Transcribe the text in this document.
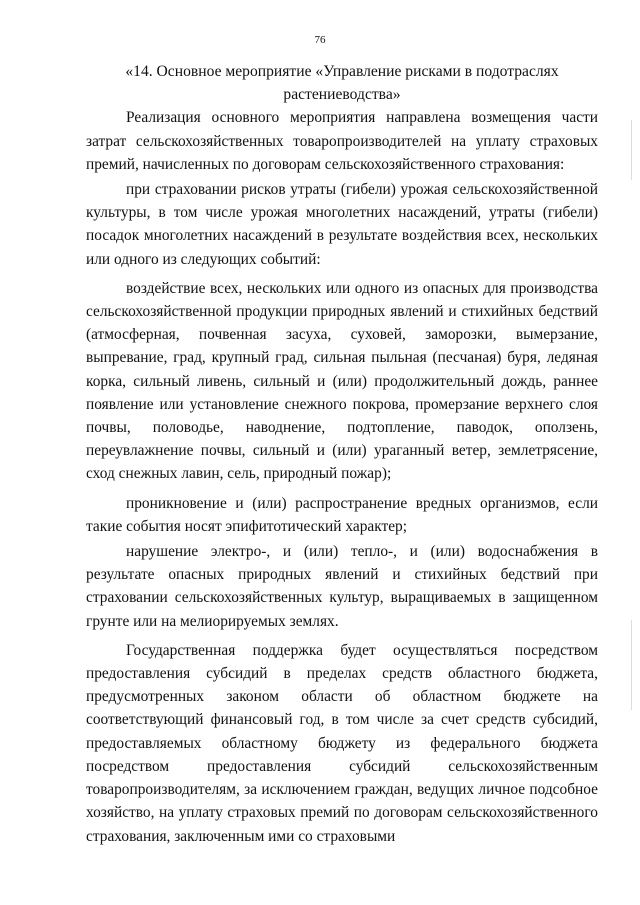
76
«14. Основное мероприятие «Управление рисками в подотраслях растениеводства»

Реализация основного мероприятия направлена возмещения части затрат сельскохозяйственных товаропроизводителей на уплату страховых премий, начисленных по договорам сельскохозяйственного страхования:

при страховании рисков утраты (гибели) урожая сельскохозяйственной культуры, в том числе урожая многолетних насаждений, утраты (гибели) посадок многолетних насаждений в результате воздействия всех, нескольких или одного из следующих событий:

воздействие всех, нескольких или одного из опасных для производства сельскохозяйственной продукции природных явлений и стихийных бедствий (атмосферная, почвенная засуха, суховей, заморозки, вымерзание, выпревание, град, крупный град, сильная пыльная (песчаная) буря, ледяная корка, сильный ливень, сильный и (или) продолжительный дождь, раннее появление или установление снежного покрова, промерзание верхнего слоя почвы, половодье, наводнение, подтопление, паводок, оползень, переувлажнение почвы, сильный и (или) ураганный ветер, землетрясение, сход снежных лавин, сель, природный пожар);

проникновение и (или) распространение вредных организмов, если такие события носят эпифитотический характер;

нарушение электро-, и (или) тепло-, и (или) водоснабжения в результате опасных природных явлений и стихийных бедствий при страховании сельскохозяйственных культур, выращиваемых в защищенном грунте или на мелиорируемых землях.

Государственная поддержка будет осуществляться посредством предоставления субсидий в пределах средств областного бюджета, предусмотренных законом области об областном бюджете на соответствующий финансовый год, в том числе за счет средств субсидий, предоставляемых областному бюджету из федерального бюджета посредством предоставления субсидий сельскохозяйственным товаропроизводителям, за исключением граждан, ведущих личное подсобное хозяйство, на уплату страховых премий по договорам сельскохозяйственного страхования, заключенным ими со страховыми
